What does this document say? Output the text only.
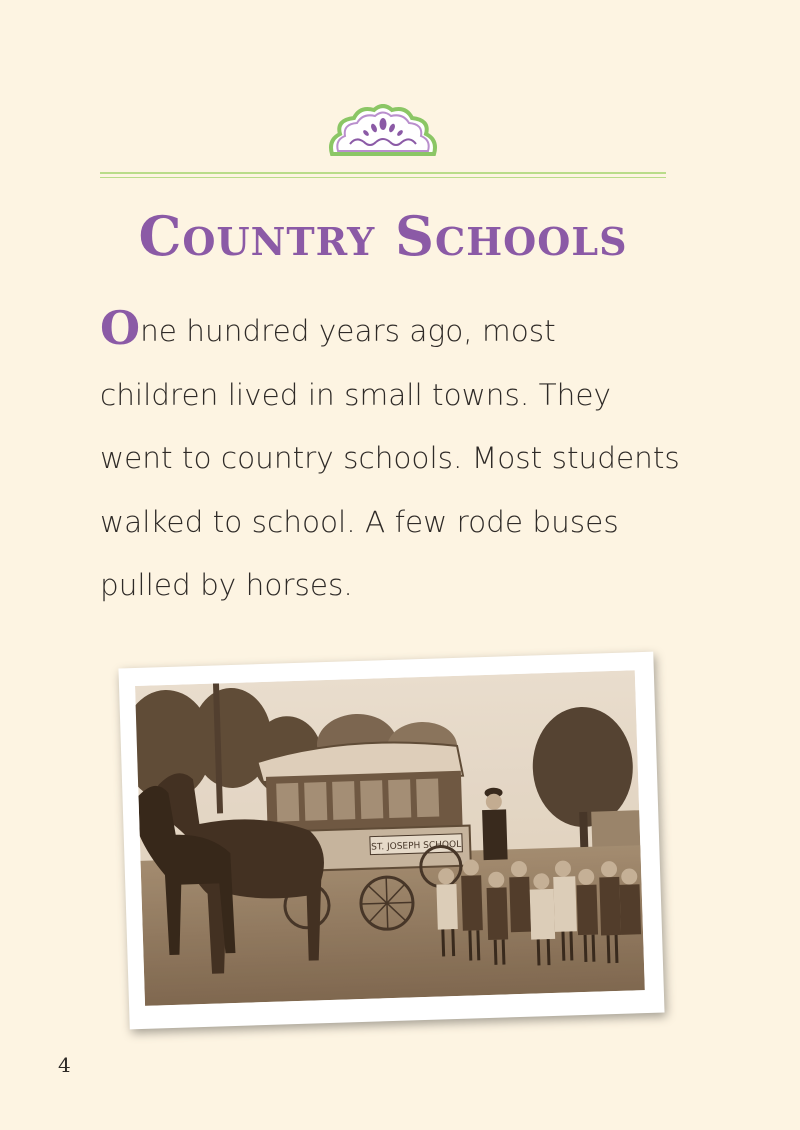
Country Schools

One hundred years ago, most
children lived in small towns. They
went to country schools. Most students
walked to school. A few rode buses
pulled by horses.

ST. JOSEPH SCHOOL
4
